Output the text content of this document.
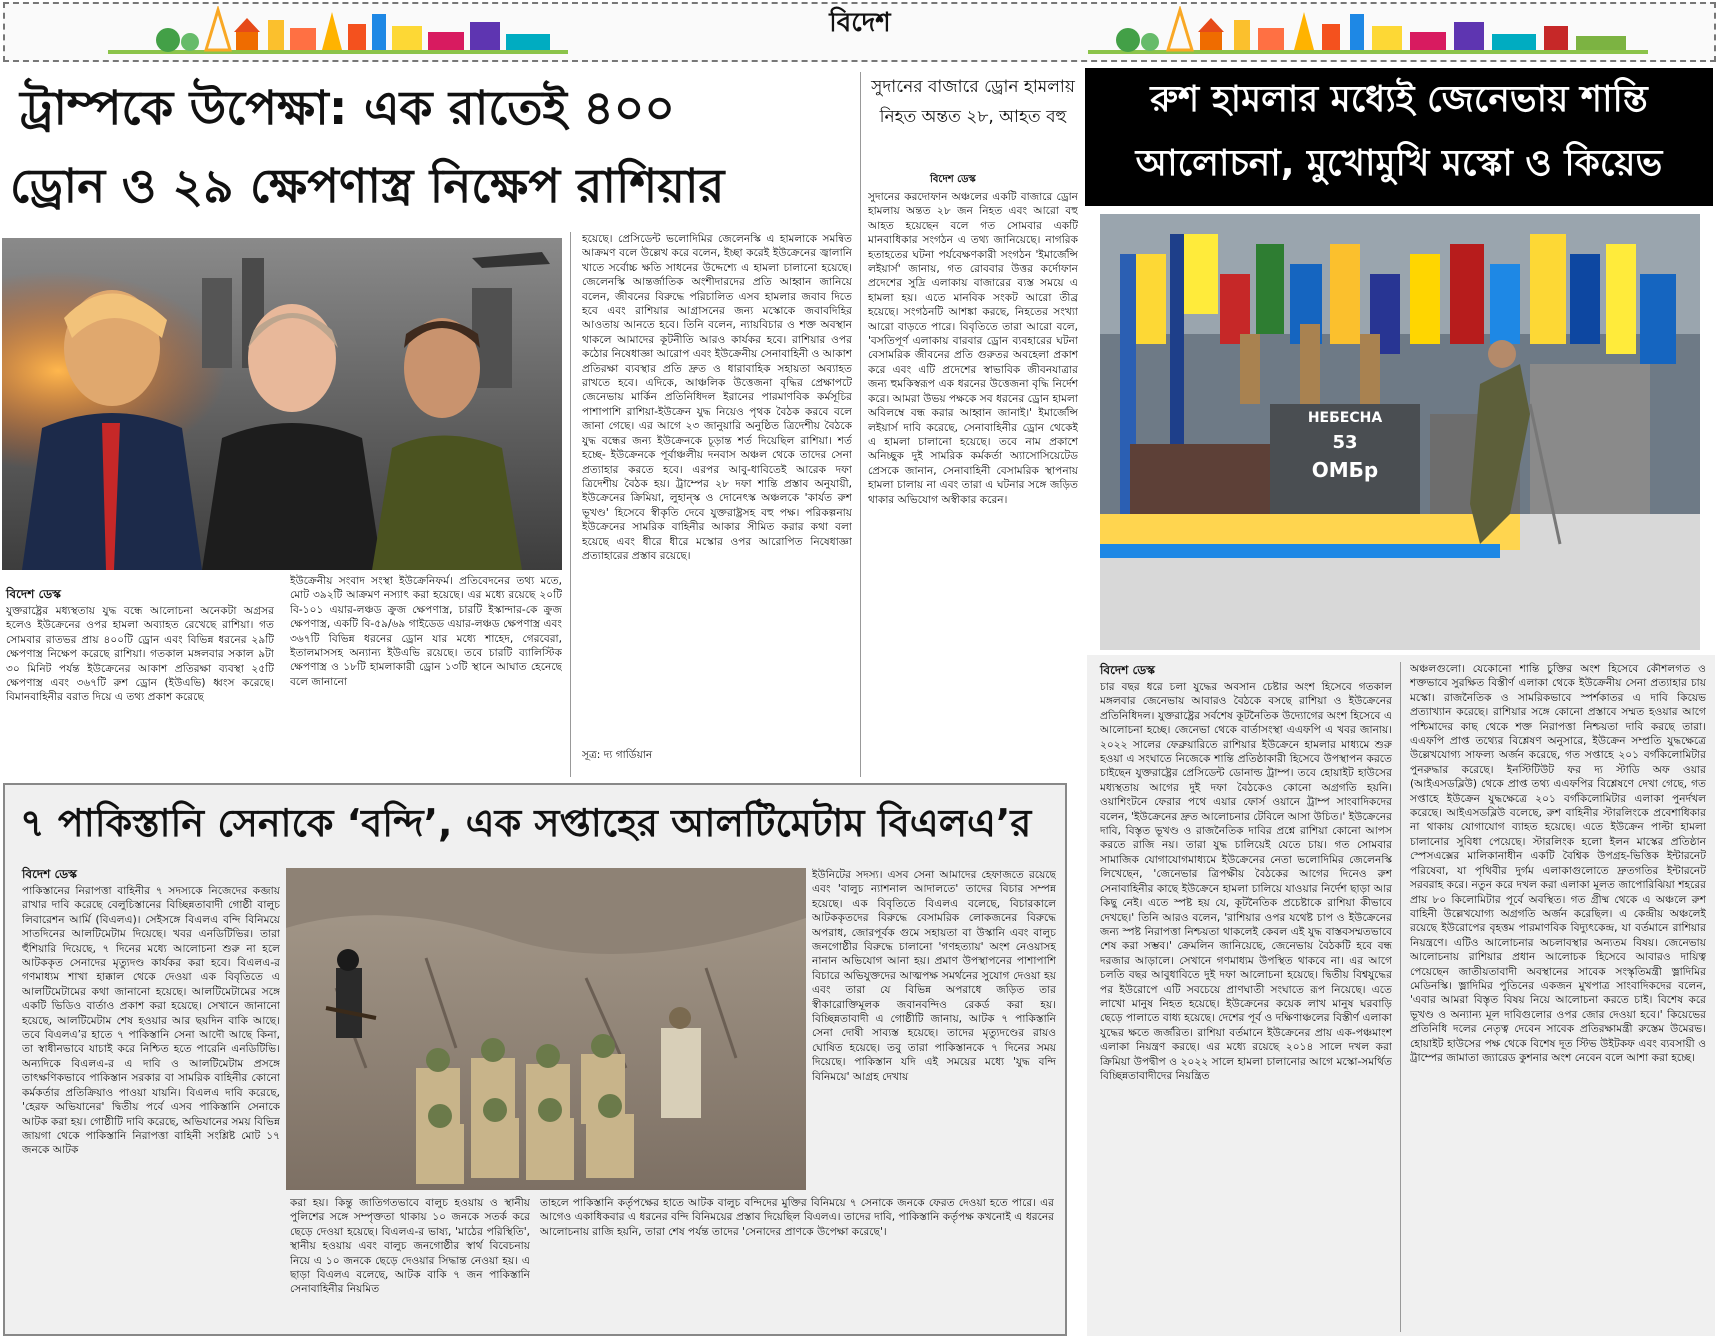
বিদেশ
ট্রাম্পকে উপেক্ষা: এক রাতেই ৪০০
ড্রোন ও ২৯ ক্ষেপণাস্ত্র নিক্ষেপ রাশিয়ার
বিদেশ ডেস্ক
যুক্তরাষ্ট্রের মধ্যস্থতায় যুদ্ধ বন্ধে আলোচনা অনেকটা অগ্রসর হলেও ইউক্রেনের ওপর হামলা অব্যাহত রেখেছে রাশিয়া। গত সোমবার রাতভর প্রায় ৪০০টি ড্রোন এবং বিভিন্ন ধরনের ২৯টি ক্ষেপণাস্ত্র নিক্ষেপ করেছে রাশিয়া। গতকাল মঙ্গলবার সকাল ৯টা ৩০ মিনিট পর্যন্ত ইউক্রেনের আকাশ প্রতিরক্ষা ব্যবস্থা ২৫টি ক্ষেপণাস্ত্র এবং ৩৬৭টি রুশ ড্রোন (ইউএভি) ধ্বংস করেছে। বিমানবাহিনীর বরাত দিয়ে এ তথ্য প্রকাশ করেছে
ইউক্রেনীয় সংবাদ সংস্থা ইউক্রেনিফর্ম। প্রতিবেদনের তথ্য মতে, মোট ৩৯২টি আক্রমণ নস্যাৎ করা হয়েছে। এর মধ্যে রয়েছে ২০টি বি-১০১ এয়ার-লঞ্চড ক্রুজ ক্ষেপণাস্ত্র, চারটি ইস্কান্দার-কে ক্রুজ ক্ষেপণাস্ত্র, একটি বি-৫৯/৬৯ গাইডেড এয়ার-লঞ্চড ক্ষেপণাস্ত্র এবং ৩৬৭টি বিভিন্ন ধরনের ড্রোন যার মধ্যে শাহেদ, গেরবেরা, ইতালমাসসহ অন্যান্য ইউএভি রয়েছে। তবে চারটি ব্যালিস্টিক ক্ষেপণাস্ত্র ও ১৮টি হামলাকারী ড্রোন ১৩টি স্থানে আঘাত হেনেছে বলে জানানো
হয়েছে। প্রেসিডেন্ট ভলোদিমির জেলেনস্কি এ হামলাকে সমন্বিত আক্রমণ বলে উল্লেখ করে বলেন, ইচ্ছা করেই ইউক্রেনের জ্বালানি খাতে সর্বোচ্চ ক্ষতি সাধনের উদ্দেশ্যে এ হামলা চালানো হয়েছে। জেলেনস্কি আন্তর্জাতিক অংশীদারদের প্রতি আহ্বান জানিয়ে বলেন, জীবনের বিরুদ্ধে পরিচালিত এসব হামলার জবাব দিতে হবে এবং রাশিয়ার আগ্রাসনের জন্য মস্কোকে জবাবদিহির আওতায় আনতে হবে। তিনি বলেন, ন্যায়বিচার ও শক্ত অবস্থান থাকলে আমাদের কূটনীতি আরও কার্যকর হবে। রাশিয়ার ওপর কঠোর নিষেধাজ্ঞা আরোপ এবং ইউক্রেনীয় সেনাবাহিনী ও আকাশ প্রতিরক্ষা ব্যবস্থার প্রতি দ্রুত ও ধারাবাহিক সহায়তা অব্যাহত রাখতে হবে। এদিকে, আঞ্চলিক উত্তেজনা বৃদ্ধির প্রেক্ষাপটে জেনেভায় মার্কিন প্রতিনিধিদল ইরানের পারমাণবিক কর্মসূচির পাশাপাশি রাশিয়া-ইউক্রেন যুদ্ধ নিয়েও পৃথক বৈঠক করবে বলে জানা গেছে। এর আগে ২৩ জানুয়ারি অনুষ্ঠিত ত্রিদেশীয় বৈঠকে যুদ্ধ বন্ধের জন্য ইউক্রেনকে চূড়ান্ত শর্ত দিয়েছিল রাশিয়া। শর্ত হচ্ছে- ইউক্রেনকে পূর্বাঞ্চলীয় দনবাস অঞ্চল থেকে তাদের সেনা প্রত্যাহার করতে হবে। এরপর আবু-ধাবিতেই আরেক দফা ত্রিদেশীয় বৈঠক হয়। ট্রাম্পের ২৮ দফা শান্তি প্রস্তাব অনুযায়ী, ইউক্রেনের ক্রিমিয়া, লুহান্স্ক ও দোনেৎস্ক অঞ্চলকে 'কার্যত রুশ ভূখণ্ড' হিসেবে স্বীকৃতি দেবে যুক্তরাষ্ট্রসহ বহু পক্ষ। পরিকল্পনায় ইউক্রেনের সামরিক বাহিনীর আকার সীমিত করার কথা বলা হয়েছে এবং ধীরে ধীরে মস্কোর ওপর আরোপিত নিষেধাজ্ঞা প্রত্যাহারের প্রস্তাব রয়েছে।
সূত্র: দ্য গার্ডিয়ান
সুদানের বাজারে ড্রোন হামলায় নিহত অন্তত ২৮, আহত বহু
বিদেশ ডেস্ক
সুদানের করদোফান অঞ্চলের একটি বাজারে ড্রোন হামলায় অন্তত ২৮ জন নিহত এবং আরো বহু আহত হয়েছেন বলে গত সোমবার একটি মানবাধিকার সংগঠন এ তথ্য জানিয়েছে। নাগরিক হতাহতের ঘটনা পর্যবেক্ষণকারী সংগঠন 'ইমার্জেন্সি লইয়ার্স' জানায়, গত রোববার উত্তর কর্দোফান প্রদেশের সুদ্রি এলাকায় বাজারের ব্যস্ত সময়ে এ হামলা হয়। এতে মানবিক সংকট আরো তীব্র হয়েছে। সংগঠনটি আশঙ্কা করছে, নিহতের সংখ্যা আরো বাড়তে পারে। বিবৃতিতে তারা আরো বলে, 'বসতিপূর্ণ এলাকায় বারবার ড্রোন ব্যবহারের ঘটনা বেসামরিক জীবনের প্রতি গুরুতর অবহেলা প্রকাশ করে এবং এটি প্রদেশের স্বাভাবিক জীবনযাত্রার জন্য হুমকিস্বরূপ এক ধরনের উত্তেজনা বৃদ্ধি নির্দেশ করে। আমরা উভয় পক্ষকে সব ধরনের ড্রোন হামলা অবিলম্বে বন্ধ করার আহ্বান জানাই।' ইমার্জেন্সি লইয়ার্স দাবি করেছে, সেনাবাহিনীর ড্রোন থেকেই এ হামলা চালানো হয়েছে। তবে নাম প্রকাশে অনিচ্ছুক দুই সামরিক কর্মকর্তা অ্যাসোসিয়েটেড প্রেসকে জানান, সেনাবাহিনী বেসামরিক স্থাপনায় হামলা চালায় না এবং তারা এ ঘটনার সঙ্গে জড়িত থাকার অভিযোগ অস্বীকার করেন।
রুশ হামলার মধ্যেই জেনেভায় শান্তি
আলোচনা, মুখোমুখি মস্কো ও কিয়েভ
НЕБЕСНА
53
ОМБр
বিদেশ ডেস্ক
চার বছর ধরে চলা যুদ্ধের অবসান চেষ্টার অংশ হিসেবে গতকাল মঙ্গলবার জেনেভায় আবারও বৈঠকে বসছে রাশিয়া ও ইউক্রেনের প্রতিনিধিদল। যুক্তরাষ্ট্রের সর্বশেষ কূটনৈতিক উদ্যোগের অংশ হিসেবে এ আলোচনা হচ্ছে। জেনেভা থেকে বার্তাসংস্থা এএফপি এ খবর জানায়। ২০২২ সালের ফেব্রুয়ারিতে রাশিয়ার ইউক্রেনে হামলার মাধ্যমে শুরু হওয়া এ সংঘাতে নিজেকে শান্তি প্রতিষ্ঠাকারী হিসেবে উপস্থাপন করতে চাইছেন যুক্তরাষ্ট্রের প্রেসিডেন্ট ডোনাল্ড ট্রাম্প। তবে হোয়াইট হাউসের মধ্যস্থতায় আগের দুই দফা বৈঠকেও কোনো অগ্রগতি হয়নি। ওয়াশিংটনে ফেরার পথে এয়ার ফোর্স ওয়ানে ট্রাম্প সাংবাদিকদের বলেন, 'ইউক্রেনের দ্রুত আলোচনার টেবিলে আসা উচিত।' ইউক্রেনের দাবি, বিস্তৃত ভূখণ্ড ও রাজনৈতিক দাবির প্রশ্নে রাশিয়া কোনো আপস করতে রাজি নয়। তারা যুদ্ধ চালিয়েই যেতে চায়। গত সোমবার সামাজিক যোগাযোগমাধ্যমে ইউক্রেনের নেতা ভলোদিমির জেলেনস্কি লিখেছেন, 'জেনেভার ত্রিপক্ষীয় বৈঠকের আগের দিনেও রুশ সেনাবাহিনীর কাছে ইউক্রেনে হামলা চালিয়ে যাওয়ার নির্দেশ ছাড়া আর কিছু নেই। এতে স্পষ্ট হয় যে, কূটনৈতিক প্রচেষ্টাকে রাশিয়া কীভাবে দেখছে।' তিনি আরও বলেন, 'রাশিয়ার ওপর যথেষ্ট চাপ ও ইউক্রেনের জন্য স্পষ্ট নিরাপত্তা নিশ্চয়তা থাকলেই কেবল এই যুদ্ধ বাস্তবসম্মতভাবে শেষ করা সম্ভব।' ক্রেমলিন জানিয়েছে, জেনেভায় বৈঠকটি হবে বন্ধ দরজার আড়ালে। সেখানে গণমাধ্যম উপস্থিত থাকবে না। এর আগে চলতি বছর আবুধাবিতে দুই দফা আলোচনা হয়েছে। দ্বিতীয় বিশ্বযুদ্ধের পর ইউরোপে এটি সবচেয়ে প্রাণঘাতী সংঘাতে রূপ নিয়েছে। এতে লাখো মানুষ নিহত হয়েছে। ইউক্রেনের কয়েক লাখ মানুষ ঘরবাড়ি ছেড়ে পালাতে বাধ্য হয়েছে। দেশের পূর্ব ও দক্ষিণাঞ্চলের বিস্তীর্ণ এলাকা যুদ্ধের ক্ষতে জর্জরিত। রাশিয়া বর্তমানে ইউক্রেনের প্রায় এক-পঞ্চমাংশ এলাকা নিয়ন্ত্রণ করছে। এর মধ্যে রয়েছে ২০১৪ সালে দখল করা ক্রিমিয়া উপদ্বীপ ও ২০২২ সালে হামলা চালানোর আগে মস্কো-সমর্থিত বিচ্ছিন্নতাবাদীদের নিয়ন্ত্রিত
অঞ্চলগুলো। যেকোনো শান্তি চুক্তির অংশ হিসেবে কৌশলগত ও শক্তভাবে সুরক্ষিত বিস্তীর্ণ এলাকা থেকে ইউক্রেনীয় সেনা প্রত্যাহার চায় মস্কো। রাজনৈতিক ও সামরিকভাবে স্পর্শকাতর এ দাবি কিয়েভ প্রত্যাখ্যান করেছে। রাশিয়ার সঙ্গে কোনো প্রস্তাবে সম্মত হওয়ার আগে পশ্চিমাদের কাছ থেকে শক্ত নিরাপত্তা নিশ্চয়তা দাবি করছে তারা। এএফপি প্রাপ্ত তথ্যের বিশ্লেষণ অনুসারে, ইউক্রেন সম্প্রতি যুদ্ধক্ষেত্রে উল্লেখযোগ্য সাফল্য অর্জন করেছে, গত সপ্তাহে ২০১ বর্গকিলোমিটার পুনরুদ্ধার করেছে। ইনস্টিটিউট ফর দ্য স্টাডি অফ ওয়ার (আইএসডব্লিউ) থেকে প্রাপ্ত তথ্য এএফপির বিশ্লেষণে দেখা গেছে, গত সপ্তাহে ইউক্রেন যুদ্ধক্ষেত্রে ২০১ বর্গকিলোমিটার এলাকা পুনর্দখল করেছে। আইএসডব্লিউ বলেছে, রুশ বাহিনীর স্টারলিংকে প্রবেশাধিকার না থাকায় যোগাযোগ ব্যাহত হয়েছে। এতে ইউক্রেন পাল্টা হামলা চালানোর সুবিধা পেয়েছে। স্টারলিংক হলো ইলন মাস্কের প্রতিষ্ঠান স্পেসএক্সের মালিকানাধীন একটি বৈশ্বিক উপগ্রহ-ভিত্তিক ইন্টারনেট পরিষেবা, যা পৃথিবীর দুর্গম এলাকাগুলোতে দ্রুতগতির ইন্টারনেট সরবরাহ করে। নতুন করে দখল করা এলাকা মূলত জাপোরিঝিয়া শহরের প্রায় ৮০ কিলোমিটার পূর্বে অবস্থিত। গত গ্রীষ্ম থেকে এ অঞ্চলে রুশ বাহিনী উল্লেখযোগ্য অগ্রগতি অর্জন করেছিল। এ কেন্দ্রীয় অঞ্চলেই রয়েছে ইউরোপের বৃহত্তম পারমাণবিক বিদ্যুৎকেন্দ্র, যা বর্তমানে রাশিয়ার নিয়ন্ত্রণে। এটিও আলোচনার অচলাবস্থার অন্যতম বিষয়। জেনেভায় আলোচনায় রাশিয়ার প্রধান আলোচক হিসেবে আবারও দায়িত্ব পেয়েছেন জাতীয়তাবাদী অবস্থানের সাবেক সংস্কৃতিমন্ত্রী ভ্লাদিমির মেডিনস্কি। ভ্লাদিমির পুতিনের একজন মুখপাত্র সাংবাদিকদের বলেন, 'এবার আমরা বিস্তৃত বিষয় নিয়ে আলোচনা করতে চাই। বিশেষ করে ভূখণ্ড ও অন্যান্য মূল দাবিগুলোর ওপর জোর দেওয়া হবে।' কিয়েভের প্রতিনিধি দলের নেতৃত্ব দেবেন সাবেক প্রতিরক্ষামন্ত্রী রুস্তেম উমেরভ। হোয়াইট হাউসের পক্ষ থেকে বিশেষ দূত স্টিভ উইটকফ এবং ব্যবসায়ী ও ট্রাম্পের জামাতা জ্যারেড কুশনার অংশ নেবেন বলে আশা করা হচ্ছে।
৭ পাকিস্তানি সেনাকে ‘বন্দি’, এক সপ্তাহের আলটিমেটাম বিএলএ’র
বিদেশ ডেস্ক
পাকিস্তানের নিরাপত্তা বাহিনীর ৭ সদস্যকে নিজেদের কব্জায় রাখার দাবি করেছে বেলুচিস্তানের বিচ্ছিন্নতাবাদী গোষ্ঠী বালুচ লিবারেশন আর্মি (বিএলএ)। সেইসঙ্গে বিএলএ বন্দি বিনিময়ে সাতদিনের আলটিমেটাম দিয়েছে। খবর এনডিটিভির। তারা হুঁশিয়ারি দিয়েছে, ৭ দিনের মধ্যে আলোচনা শুরু না হলে আটককৃত সেনাদের মৃত্যুদণ্ড কার্যকর করা হবে। বিএলএ-র গণমাধ্যম শাখা হাক্কাল থেকে দেওয়া এক বিবৃতিতে এ আলটিমেটামের কথা জানানো হয়েছে। আলটিমেটামের সঙ্গে একটি ভিডিও বার্তাও প্রকাশ করা হয়েছে। সেখানে জানানো হয়েছে, আলটিমেটাম শেষ হওয়ার আর ছয়দিন বাকি আছে। তবে বিএলএ’র হাতে ৭ পাকিস্তানি সেনা আদৌ আছে কিনা, তা স্বাধীনভাবে যাচাই করে নিশ্চিত হতে পারেনি এনডিটিভি। অন্যদিকে বিএলএ-র এ দাবি ও আলটিমেটাম প্রসঙ্গে তাৎক্ষণিকভাবে পাকিস্তান সরকার বা সামরিক বাহিনীর কোনো কর্মকর্তার প্রতিক্রিয়াও পাওয়া যায়নি। বিএলএ দাবি করেছে, 'হেরফ অভিযানের' দ্বিতীয় পর্বে এসব পাকিস্তানি সেনাকে আটক করা হয়। গোষ্ঠীটি দাবি করেছে, অভিযানের সময় বিভিন্ন জায়গা থেকে পাকিস্তানি নিরাপত্তা বাহিনী সংশ্লিষ্ট মোট ১৭ জনকে আটক
করা হয়। কিন্তু জাতিগতভাবে বালুচ হওয়ায় ও স্থানীয় পুলিশের সঙ্গে সম্পৃক্ততা থাকায় ১০ জনকে সতর্ক করে ছেড়ে দেওয়া হয়েছে। বিএলএ-র ভাষ্য, 'মাঠের পরিস্থিতি', স্থানীয় হওয়ায় এবং বালুচ জনগোষ্ঠীর স্বার্থ বিবেচনায় নিয়ে এ ১০ জনকে ছেড়ে দেওয়ার সিদ্ধান্ত নেওয়া হয়। এ ছাড়া বিএলএ বলেছে, আটক বাকি ৭ জন পাকিস্তানি সেনাবাহিনীর নিয়মিত
ইউনিটের সদস্য। এসব সেনা আমাদের হেফাজতে রয়েছে এবং 'বালুচ ন্যাশনাল আদালতে' তাদের বিচার সম্পন্ন হয়েছে। এক বিবৃতিতে বিএলএ বলেছে, বিচারকালে আটককৃতদের বিরুদ্ধে বেসামরিক লোকজনের বিরুদ্ধে অপরাধ, জোরপূর্বক গুমে সহায়তা বা উস্কানি এবং বালুচ জনগোষ্ঠীর বিরুদ্ধে চালানো 'গণহত্যায়' অংশ নেওয়াসহ নানান অভিযোগ আনা হয়। প্রমাণ উপস্থাপনের পাশাপাশি বিচারে অভিযুক্তদের আত্মপক্ষ সমর্থনের সুযোগ দেওয়া হয় এবং তারা যে বিভিন্ন অপরাধে জড়িত তার স্বীকারোক্তিমূলক জবানবন্দিও রেকর্ড করা হয়। বিচ্ছিন্নতাবাদী এ গোষ্ঠীটি জানায়, আটক ৭ পাকিস্তানি সেনা দোষী সাব্যস্ত হয়েছে। তাদের মৃত্যুদণ্ডের রায়ও ঘোষিত হয়েছে। তবু তারা পাকিস্তানকে ৭ দিনের সময় দিয়েছে। পাকিস্তান যদি এই সময়ের মধ্যে 'যুদ্ধ বন্দি বিনিময়ে' আগ্রহ দেখায়
তাহলে পাকিস্তানি কর্তৃপক্ষের হাতে আটক বালুচ বন্দিদের মুক্তির বিনিময়ে ৭ সেনাকে জনকে ফেরত দেওয়া হতে পারে। এর আগেও একাধিকবার এ ধরনের বন্দি বিনিময়ের প্রস্তাব দিয়েছিল বিএলএ। তাদের দাবি, পাকিস্তানি কর্তৃপক্ষ কখনোই এ ধরনের আলোচনায় রাজি হয়নি, তারা শেষ পর্যন্ত তাদের 'সেনাদের প্রাণকে উপেক্ষা করেছে'।
